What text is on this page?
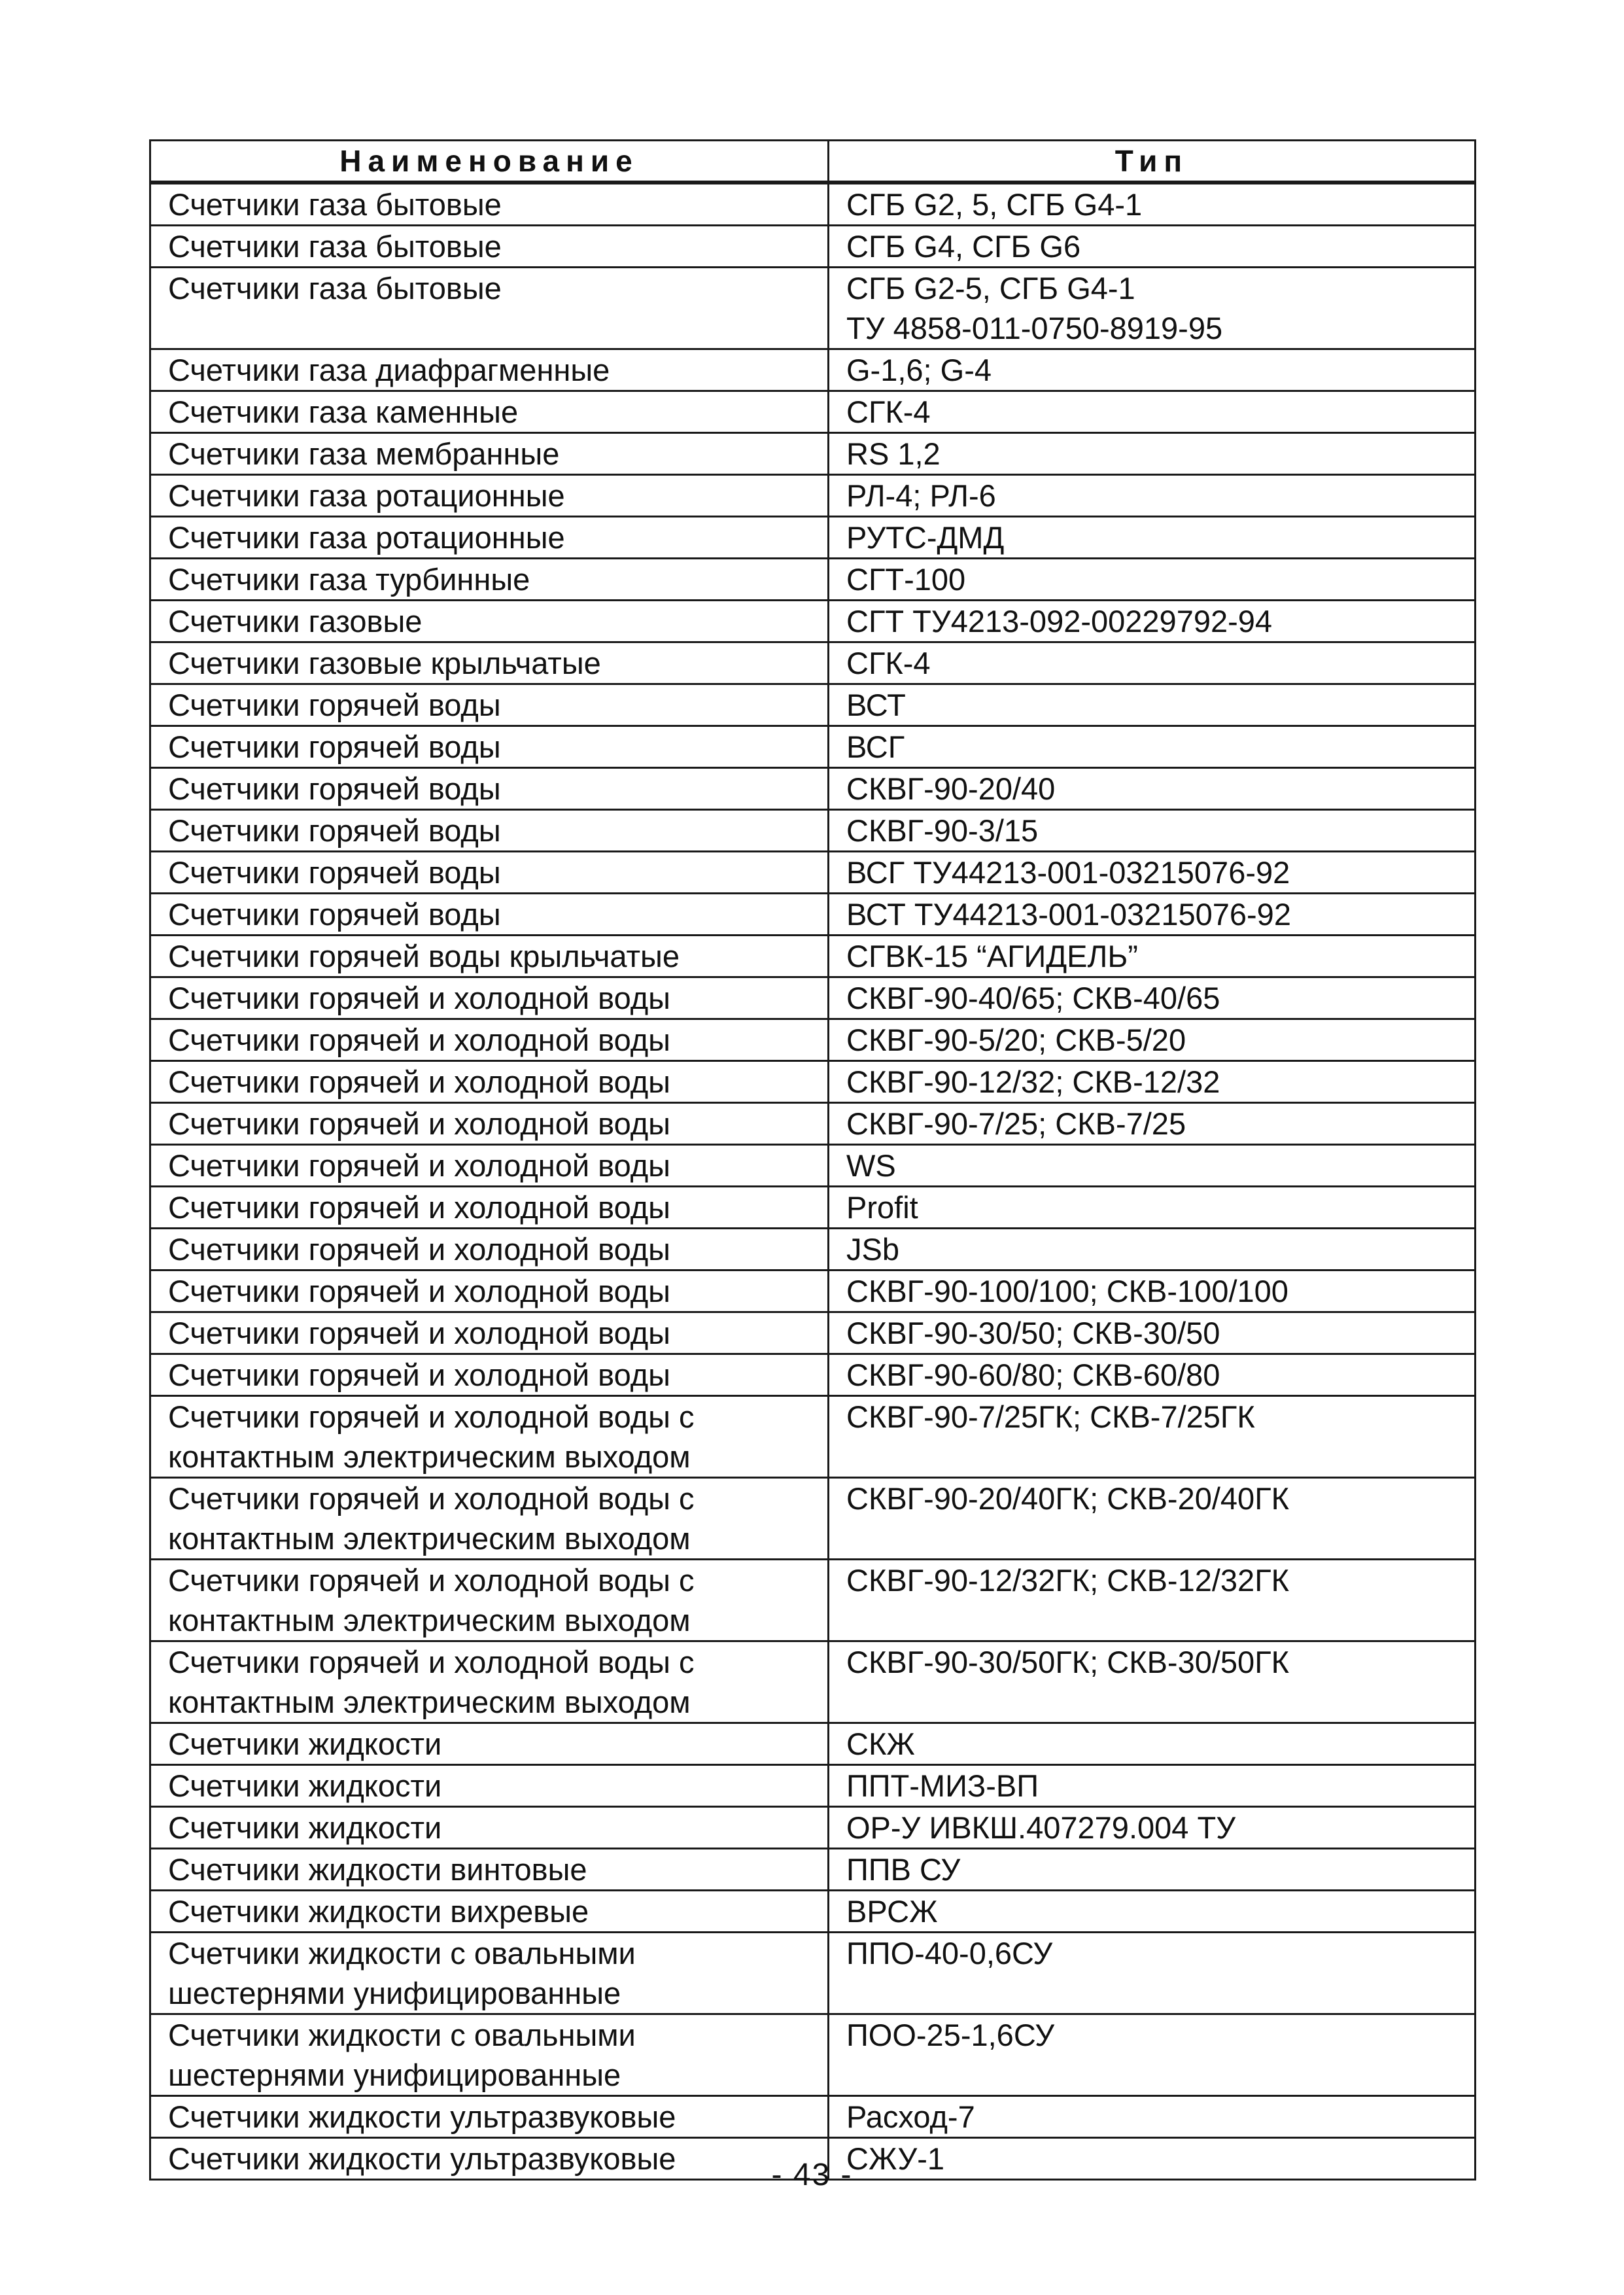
Наименование	Тип

Счетчики газа бытовые	СГБ G2, 5, СГБ G4-1

Счетчики газа бытовые	СГБ G4, СГБ G6

Счетчики газа бытовые	СГБ G2-5, СГБ G4-1
ТУ 4858-011-0750-8919-95

Счетчики газа диафрагменные	G-1,6; G-4

Счетчики газа каменные	СГК-4

Счетчики газа мембранные	RS 1,2

Счетчики газа ротационные	РЛ-4; РЛ-6

Счетчики газа ротационные	РУТС-ДМД

Счетчики газа турбинные	СГТ-100

Счетчики газовые	СГТ ТУ4213-092-00229792-94

Счетчики газовые крыльчатые	СГК-4

Счетчики горячей воды	ВСТ

Счетчики горячей воды	ВСГ

Счетчики горячей воды	СКВГ-90-20/40

Счетчики горячей воды	СКВГ-90-3/15

Счетчики горячей воды	ВСГ ТУ44213-001-03215076-92

Счетчики горячей воды	ВСТ ТУ44213-001-03215076-92

Счетчики горячей воды крыльчатые	СГВК-15 “АГИДЕЛЬ”

Счетчики горячей и холодной воды	СКВГ-90-40/65; СКВ-40/65

Счетчики горячей и холодной воды	СКВГ-90-5/20; СКВ-5/20

Счетчики горячей и холодной воды	СКВГ-90-12/32; СКВ-12/32

Счетчики горячей и холодной воды	СКВГ-90-7/25; СКВ-7/25

Счетчики горячей и холодной воды	WS

Счетчики горячей и холодной воды	Profit

Счетчики горячей и холодной воды	JSb

Счетчики горячей и холодной воды	СКВГ-90-100/100; СКВ-100/100

Счетчики горячей и холодной воды	СКВГ-90-30/50; СКВ-30/50

Счетчики горячей и холодной воды	СКВГ-90-60/80; СКВ-60/80

Счетчики горячей и холодной воды с
контактным электрическим выходом	СКВГ-90-7/25ГК; СКВ-7/25ГК

Счетчики горячей и холодной воды с
контактным электрическим выходом	СКВГ-90-20/40ГК; СКВ-20/40ГК

Счетчики горячей и холодной воды с
контактным электрическим выходом	СКВГ-90-12/32ГК; СКВ-12/32ГК

Счетчики горячей и холодной воды с
контактным электрическим выходом	СКВГ-90-30/50ГК; СКВ-30/50ГК

Счетчики жидкости	СКЖ

Счетчики жидкости	ППТ-МИЗ-ВП

Счетчики жидкости	ОР-У ИВКШ.407279.004 ТУ

Счетчики жидкости винтовые	ППВ СУ

Счетчики жидкости вихревые	ВРСЖ

Счетчики жидкости с овальными
шестернями унифицированные	ППО-40-0,6СУ

Счетчики жидкости с овальными
шестернями унифицированные	ПОО-25-1,6СУ

Счетчики жидкости ультразвуковые	Расход-7

Счетчики жидкости ультразвуковые	СЖУ-1
- 43 -
